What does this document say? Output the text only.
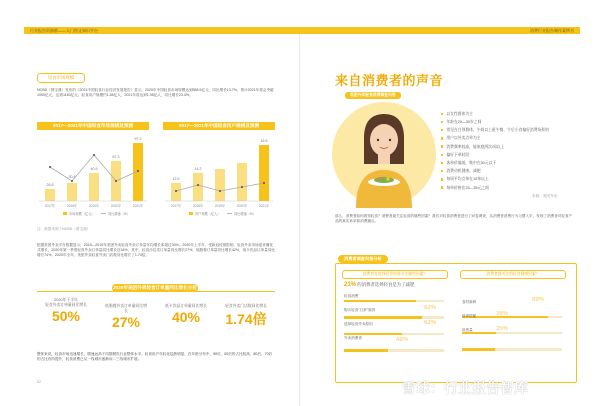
行业报告资源群——人门图文知识平台	消费行业报告制作案例书
轻食市场规模
NCBD（餐宝典）发布的《2021中国轻食行业经济发展报告》显示，2020年中国轻食市场规模达到958.5亿元，同比增长13.7%，预计2021年将会突破1000亿元，达到1163亿元。轻食用户规模约1.58亿人，2021年将达到1.95亿人，同比增长23.4%。
2017—2021年中国轻食市场规模及预测
26.8
30.4
40.5
67.3
97.3
2017年	2018年	2019年	2020年	2021年
市场规模（亿元）	同比增速（%）
2017—2021年中国轻食用户规模及预测
12.5
14.2
16.5
2017年	2018年	2019年	2020年	2021年
用户规模（亿人）	同比增速（%）
注：数据来源于NCBD（餐宝典）
根据美团外卖平台数据显示，2015—2019年美团外卖轻食外卖订单量年均增长率超过30%。2020年上半年，受新冠疫情影响，轻食外卖市场迎来爆发式增长，2020年第一季度轻食外卖订单量同比增长近34%，其中，轻食沙拉类订单量同比增长27%，低脂餐订单量同比增长42%，低卡饮品订单量同比增长74%。2020年全年，美团外卖轻食外卖门店数同比增长了1.74倍。
2020年美团外卖轻食订单量同比增长分析
2020年下半年
轻食外卖订单量同比增长
50%
低脂餐外卖订单量同比增长
27%
低卡饮品订单量同比增长
40%
轻食外卖门店数同比增长
1.74倍
整体来说，轻食市场迅速增长，增速远高于同期餐饮行业整体水平。轻食用户年轻化趋势明显，在年龄分布中，90后、00后的占比较高，80后、70后的占比有所提升，轻食消费已从一线城市逐渐向二三线城市扩展。
52
来自消费者的声音
美团外卖轻食消费调查问卷
以女性群体为主
年龄在20—30岁之间
常见在白领群体，午间以上班午餐、午后小食偏好消费场景的
用户以外卖点单为主
消费频率较高，能家庭两次/周以上
偏好下单时段
客单价偏低，集中在30元以下
消费动机健康、减肥
每周平均点单在10单以上
每单价格在25—35元之间
来源：美团外卖
那么，消费者如何看待轻食？消费者最关注轻食的哪些因素？我们对轻食消费者进行了问卷调查，从消费者消费行为习惯入手，发现了消费者对轻食产品的真实诉求和消费痛点。
消费者调查问卷分析
消费者在选择轻食时最关注哪些因素？
21% 的消费者选择轻食是为了减肥
轻食消费
购买轻食“日常”原因	82%
选择轻食外卖原因	62%
外卖消费者	48%
消费者最关注的轻食健康因素？
食材新鲜	89%
营养搭配	36%
低热量	35%
雪球：行业报告智库
